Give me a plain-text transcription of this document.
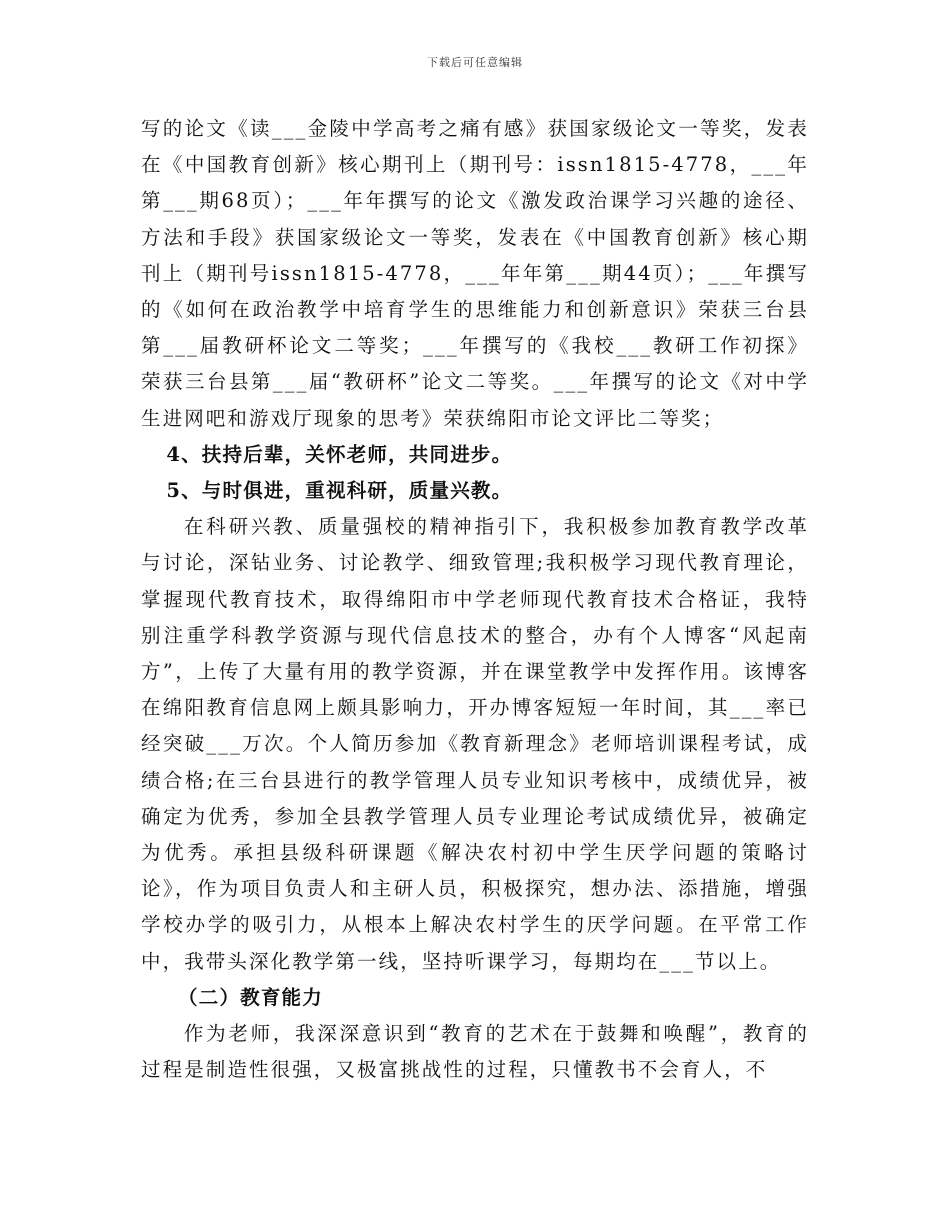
下载后可任意编辑

写的论文《读___金陵中学高考之痛有感》获国家级论文一等奖，发表在《中国教育创新》核心期刊上（期刊号：issn1815-4778，___年第___期68页）；___年年撰写的论文《激发政治课学习兴趣的途径、方法和手段》获国家级论文一等奖，发表在《中国教育创新》核心期刊上（期刊号issn1815-4778，___年年第___期44页）；___年撰写的《如何在政治教学中培育学生的思维能力和创新意识》荣获三台县第___届教研杯论文二等奖；___年撰写的《我校___教研工作初探》荣获三台县第___届“教研杯”论文二等奖。___年撰写的论文《对中学生进网吧和游戏厅现象的思考》荣获绵阳市论文评比二等奖；

4、扶持后辈，关怀老师，共同进步。

5、与时俱进，重视科研，质量兴教。

在科研兴教、质量强校的精神指引下，我积极参加教育教学改革与讨论，深钻业务、讨论教学、细致管理;我积极学习现代教育理论，掌握现代教育技术，取得绵阳市中学老师现代教育技术合格证，我特别注重学科教学资源与现代信息技术的整合，办有个人博客“风起南方”，上传了大量有用的教学资源，并在课堂教学中发挥作用。该博客在绵阳教育信息网上颇具影响力，开办博客短短一年时间，其___率已经突破___万次。个人简历参加《教育新理念》老师培训课程考试，成绩合格;在三台县进行的教学管理人员专业知识考核中，成绩优异，被确定为优秀，参加全县教学管理人员专业理论考试成绩优异，被确定为优秀。承担县级科研课题《解决农村初中学生厌学问题的策略讨论》，作为项目负责人和主研人员，积极探究，想办法、添措施，增强学校办学的吸引力，从根本上解决农村学生的厌学问题。在平常工作中，我带头深化教学第一线，坚持听课学习，每期均在___节以上。

（二）教育能力

作为老师，我深深意识到“教育的艺术在于鼓舞和唤醒”，教育的过程是制造性很强，又极富挑战性的过程，只懂教书不会育人，不
